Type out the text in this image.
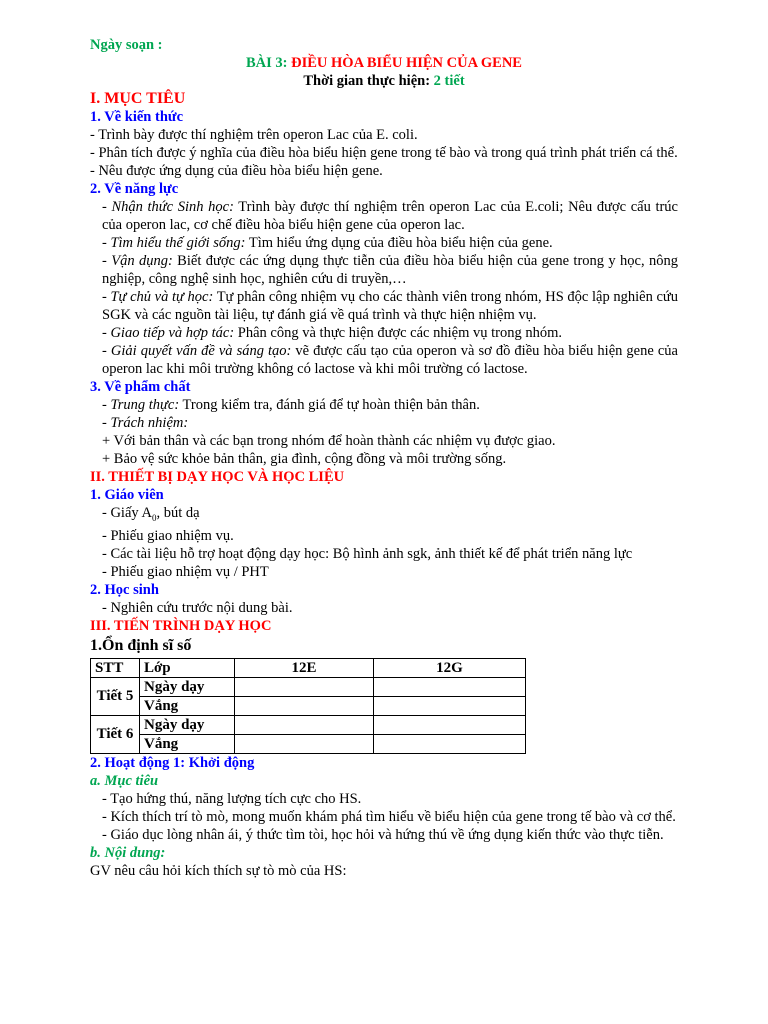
Ngày soạn :

BÀI 3: ĐIỀU HÒA BIỂU HIỆN CỦA GENE

Thời gian thực hiện: 2 tiết

I. MỤC TIÊU

1. Về kiến thức

- Trình bày được thí nghiệm trên operon Lac của E. coli.

- Phân tích được ý nghĩa của điều hòa biểu hiện gene trong tế bào và trong quá trình phát triển cá thể.

- Nêu được ứng dụng của điều hòa biểu hiện gene.

2. Về năng lực

- Nhận thức Sinh học: Trình bày được thí nghiệm trên operon Lac của E.coli; Nêu được cấu trúc của operon lac, cơ chế điều hòa biểu hiện gene của operon lac.

- Tìm hiểu thế giới sống: Tìm hiểu ứng dụng của điều hòa biểu hiện của gene.

- Vận dụng: Biết được các ứng dụng thực tiễn của điều hòa biểu hiện của gene trong y học, nông nghiệp, công nghệ sinh học, nghiên cứu di truyền,…

- Tự chủ và tự học: Tự phân công nhiệm vụ cho các thành viên trong nhóm, HS độc lập nghiên cứu SGK và các nguồn tài liệu, tự đánh giá về quá trình và thực hiện nhiệm vụ.

- Giao tiếp và hợp tác: Phân công và thực hiện được các nhiệm vụ trong nhóm.

- Giải quyết vấn đề và sáng tạo: vẽ được cấu tạo của operon và sơ đồ điều hòa biểu hiện gene của operon lac khi môi trường không có lactose và khi môi trường có lactose.

3. Về phẩm chất

- Trung thực: Trong kiểm tra, đánh giá để tự hoàn thiện bản thân.

- Trách nhiệm:

+ Với bản thân và các bạn trong nhóm để hoàn thành các nhiệm vụ được giao.

+ Bảo vệ sức khỏe bản thân, gia đình, cộng đồng và môi trường sống.

II. THIẾT BỊ DẠY HỌC VÀ HỌC LIỆU

1. Giáo viên

- Giấy $A_0$, bút dạ

- Phiếu giao nhiệm vụ.

- Các tài liệu hỗ trợ hoạt động dạy học: Bộ hình ảnh sgk, ảnh thiết kế để phát triển năng lực

- Phiếu giao nhiệm vụ / PHT

2. Học sinh

- Nghiên cứu trước nội dung bài.

III. TIẾN TRÌNH DẠY HỌC

1.Ổn định sĩ số

STT	Lớp	12E	12G
Tiết 5	Ngày dạy		
	Vắng		
Tiết 6	Ngày dạy		
	Vắng		

2. Hoạt động 1: Khởi động

a. Mục tiêu

- Tạo hứng thú, năng lượng tích cực cho HS.

- Kích thích trí tò mò, mong muốn khám phá tìm hiểu về biểu hiện của gene trong tế bào và cơ thể.

- Giáo dục lòng nhân ái, ý thức tìm tòi, học hỏi và hứng thú về ứng dụng kiến thức vào thực tiễn.

b. Nội dung:

GV nêu câu hỏi kích thích sự tò mò của HS:
